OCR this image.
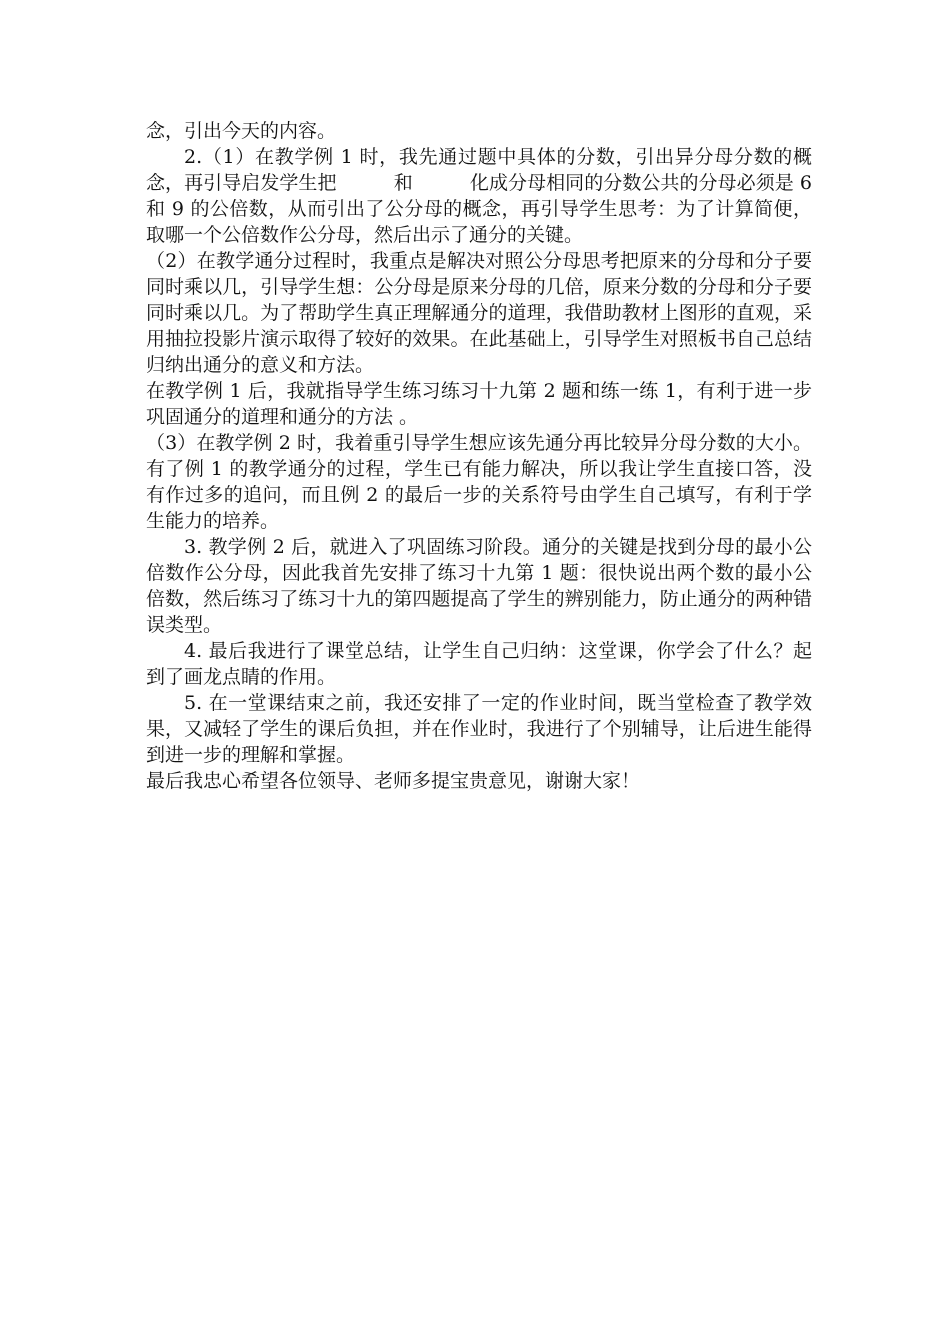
念，引出今天的内容。

2.（1）在教学例 1 时，我先通过题中具体的分数，引出异分母分数的概念，再引导启发学生把　　　和　　　化成分母相同的分数公共的分母必须是 6 和 9 的公倍数，从而引出了公分母的概念，再引导学生思考：为了计算简便，取哪一个公倍数作公分母，然后出示了通分的关键。

（2）在教学通分过程时，我重点是解决对照公分母思考把原来的分母和分子要同时乘以几，引导学生想：公分母是原来分母的几倍，原来分数的分母和分子要同时乘以几。为了帮助学生真正理解通分的道理，我借助教材上图形的直观，采用抽拉投影片演示取得了较好的效果。在此基础上，引导学生对照板书自己总结归纳出通分的意义和方法。

在教学例 1 后，我就指导学生练习练习十九第 2 题和练一练 1，有利于进一步巩固通分的道理和通分的方法 。

（3）在教学例 2 时，我着重引导学生想应该先通分再比较异分母分数的大小。有了例 1 的教学通分的过程，学生已有能力解决，所以我让学生直接口答，没有作过多的追问，而且例 2 的最后一步的关系符号由学生自己填写，有利于学生能力的培养。

3. 教学例 2 后，就进入了巩固练习阶段。通分的关键是找到分母的最小公倍数作公分母，因此我首先安排了练习十九第 1 题：很快说出两个数的最小公倍数，然后练习了练习十九的第四题提高了学生的辨别能力，防止通分的两种错误类型。

4. 最后我进行了课堂总结，让学生自己归纳：这堂课，你学会了什么？起到了画龙点睛的作用。

5. 在一堂课结束之前，我还安排了一定的作业时间，既当堂检查了教学效果，又减轻了学生的课后负担，并在作业时，我进行了个别辅导，让后进生能得到进一步的理解和掌握。

最后我忠心希望各位领导、老师多提宝贵意见，谢谢大家！
